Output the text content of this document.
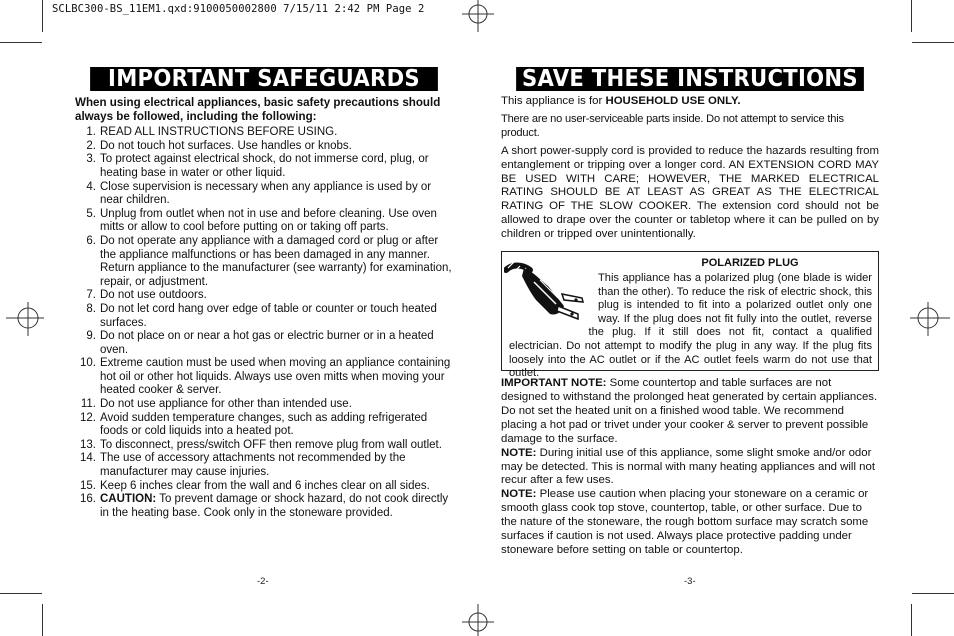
SCLBC300-BS_11EM1.qxd:9100050002800 7/15/11 2:42 PM Page 2
IMPORTANT SAFEGUARDS
When using electrical appliances, basic safety precautions should always be followed, including the following:
1. READ ALL INSTRUCTIONS BEFORE USING.
2. Do not touch hot surfaces. Use handles or knobs.
3. To protect against electrical shock, do not immerse cord, plug, or heating base in water or other liquid.
4. Close supervision is necessary when any appliance is used by or near children.
5. Unplug from outlet when not in use and before cleaning. Use oven mitts or allow to cool before putting on or taking off parts.
6. Do not operate any appliance with a damaged cord or plug or after the appliance malfunctions or has been damaged in any manner. Return appliance to the manufacturer (see warranty) for examination, repair, or adjustment.
7. Do not use outdoors.
8. Do not let cord hang over edge of table or counter or touch heated surfaces.
9. Do not place on or near a hot gas or electric burner or in a heated oven.
10. Extreme caution must be used when moving an appliance containing hot oil or other hot liquids. Always use oven mitts when moving your heated cooker & server.
11. Do not use appliance for other than intended use.
12. Avoid sudden temperature changes, such as adding refrigerated foods or cold liquids into a heated pot.
13. To disconnect, press/switch OFF then remove plug from wall outlet.
14. The use of accessory attachments not recommended by the manufacturer may cause injuries.
15. Keep 6 inches clear from the wall and 6 inches clear on all sides.
16. CAUTION: To prevent damage or shock hazard, do not cook directly in the heating base. Cook only in the stoneware provided.
-2-
SAVE THESE INSTRUCTIONS

This appliance is for HOUSEHOLD USE ONLY.

There are no user-serviceable parts inside. Do not attempt to service this product.

A short power-supply cord is provided to reduce the hazards resulting from entanglement or tripping over a longer cord. AN EXTENSION CORD MAY BE USED WITH CARE; HOWEVER, THE MARKED ELECTRICAL RATING SHOULD BE AT LEAST AS GREAT AS THE ELECTRICAL RATING OF THE SLOW COOKER. The extension cord should not be allowed to drape over the counter or tabletop where it can be pulled on by children or tripped over unintentionally.

POLARIZED PLUG
This appliance has a polarized plug (one blade is wider than the other). To reduce the risk of electric shock, this plug is intended to fit into a polarized outlet only one way. If the plug does not fit fully into the outlet, reverse the plug. If it still does not fit, contact a qualified electrician. Do not attempt to modify the plug in any way. If the plug fits loosely into the AC outlet or if the AC outlet feels warm do not use that outlet.

IMPORTANT NOTE: Some countertop and table surfaces are not designed to withstand the prolonged heat generated by certain appliances. Do not set the heated unit on a finished wood table. We recommend placing a hot pad or trivet under your cooker & server to prevent possible damage to the surface.

NOTE: During initial use of this appliance, some slight smoke and/or odor may be detected. This is normal with many heating appliances and will not recur after a few uses.

NOTE: Please use caution when placing your stoneware on a ceramic or smooth glass cook top stove, countertop, table, or other surface. Due to the nature of the stoneware, the rough bottom surface may scratch some surfaces if caution is not used. Always place protective padding under stoneware before setting on table or countertop.

-3-
